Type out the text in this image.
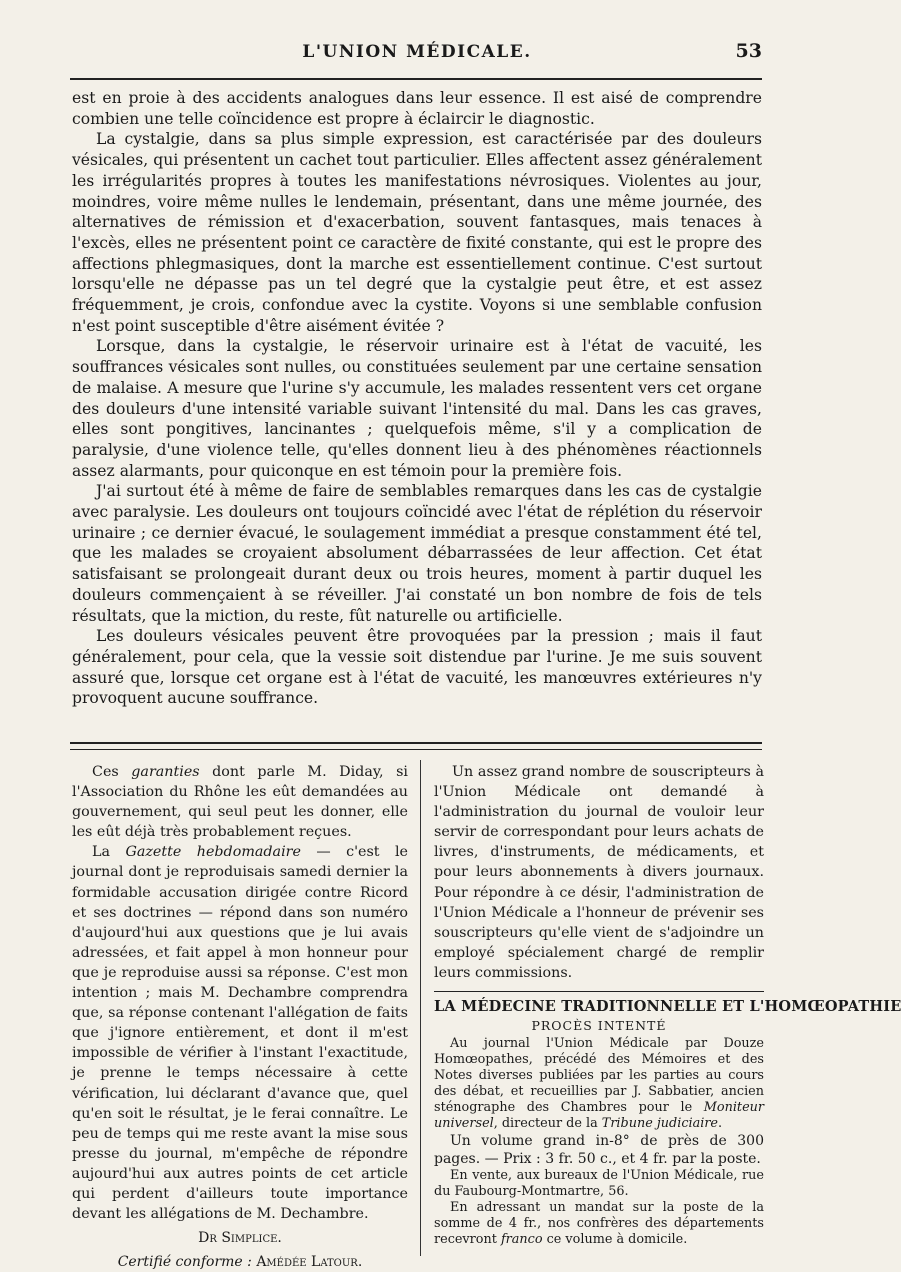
L'UNION MÉDICALE.	53

est en proie à des accidents analogues dans leur essence. Il est aisé de comprendre combien une telle coïncidence est propre à éclaircir le diagnostic.

La cystalgie, dans sa plus simple expression, est caractérisée par des douleurs vésicales, qui présentent un cachet tout particulier. Elles affectent assez généralement les irrégularités propres à toutes les manifestations névrosiques. Violentes au jour, moindres, voire même nulles le lendemain, présentant, dans une même journée, des alternatives de rémission et d'exacerbation, souvent fantasques, mais tenaces à l'excès, elles ne présentent point ce caractère de fixité constante, qui est le propre des affections phlegmasiques, dont la marche est essentiellement continue. C'est surtout lorsqu'elle ne dépasse pas un tel degré que la cystalgie peut être, et est assez fréquemment, je crois, confondue avec la cystite. Voyons si une semblable confusion n'est point susceptible d'être aisément évitée ?

Lorsque, dans la cystalgie, le réservoir urinaire est à l'état de vacuité, les souffrances vésicales sont nulles, ou constituées seulement par une certaine sensation de malaise. A mesure que l'urine s'y accumule, les malades ressentent vers cet organe des douleurs d'une intensité variable suivant l'intensité du mal. Dans les cas graves, elles sont pongitives, lancinantes ; quelquefois même, s'il y a complication de paralysie, d'une violence telle, qu'elles donnent lieu à des phénomènes réactionnels assez alarmants, pour quiconque en est témoin pour la première fois.

J'ai surtout été à même de faire de semblables remarques dans les cas de cystalgie avec paralysie. Les douleurs ont toujours coïncidé avec l'état de réplétion du réservoir urinaire ; ce dernier évacué, le soulagement immédiat a presque constamment été tel, que les malades se croyaient absolument débarrassées de leur affection. Cet état satisfaisant se prolongeait durant deux ou trois heures, moment à partir duquel les douleurs commençaient à se réveiller. J'ai constaté un bon nombre de fois de tels résultats, que la miction, du reste, fût naturelle ou artificielle.

Les douleurs vésicales peuvent être provoquées par la pression ; mais il faut généralement, pour cela, que la vessie soit distendue par l'urine. Je me suis souvent assuré que, lorsque cet organe est à l'état de vacuité, les manœuvres extérieures n'y provoquent aucune souffrance.

Ces garanties dont parle M. Diday, si l'Association du Rhône les eût demandées au gouvernement, qui seul peut les donner, elle les eût déjà très probablement reçues.

La Gazette hebdomadaire — c'est le journal dont je reproduisais samedi dernier la formidable accusation dirigée contre Ricord et ses doctrines — répond dans son numéro d'aujourd'hui aux questions que je lui avais adressées, et fait appel à mon honneur pour que je reproduise aussi sa réponse. C'est mon intention ; mais M. Dechambre comprendra que, sa réponse contenant l'allégation de faits que j'ignore entièrement, et dont il m'est impossible de vérifier à l'instant l'exactitude, je prenne le temps nécessaire à cette vérification, lui déclarant d'avance que, quel qu'en soit le résultat, je le ferai connaître. Le peu de temps qui me reste avant la mise sous presse du journal, m'empêche de répondre aujourd'hui aux autres points de cet article qui perdent d'ailleurs toute importance devant les allégations de M. Dechambre.

Dr Simplice.
Certifié conforme : Amédée Latour.

Un assez grand nombre de souscripteurs à l'Union Médicale ont demandé à l'administration du journal de vouloir leur servir de correspondant pour leurs achats de livres, d'instruments, de médicaments, et pour leurs abonnements à divers journaux. Pour répondre à ce désir, l'administration de l'Union Médicale a l'honneur de prévenir ses souscripteurs qu'elle vient de s'adjoindre un employé spécialement chargé de remplir leurs commissions.

LA MÉDECINE TRADITIONNELLE ET L'HOMŒOPATHIE
PROCÈS INTENTÉ

Au journal l'Union Médicale par Douze Homœopathes, précédé des Mémoires et des Notes diverses publiées par les parties au cours des débat, et recueillies par J. Sabbatier, ancien sténographe des Chambres pour le Moniteur universel, directeur de la Tribune judiciaire.

Un volume grand in-8° de près de 300 pages. — Prix : 3 fr. 50 c., et 4 fr. par la poste.

En vente, aux bureaux de l'Union Médicale, rue du Faubourg-Montmartre, 56.

En adressant un mandat sur la poste de la somme de 4 fr., nos confrères des départements recevront franco ce volume à domicile.
